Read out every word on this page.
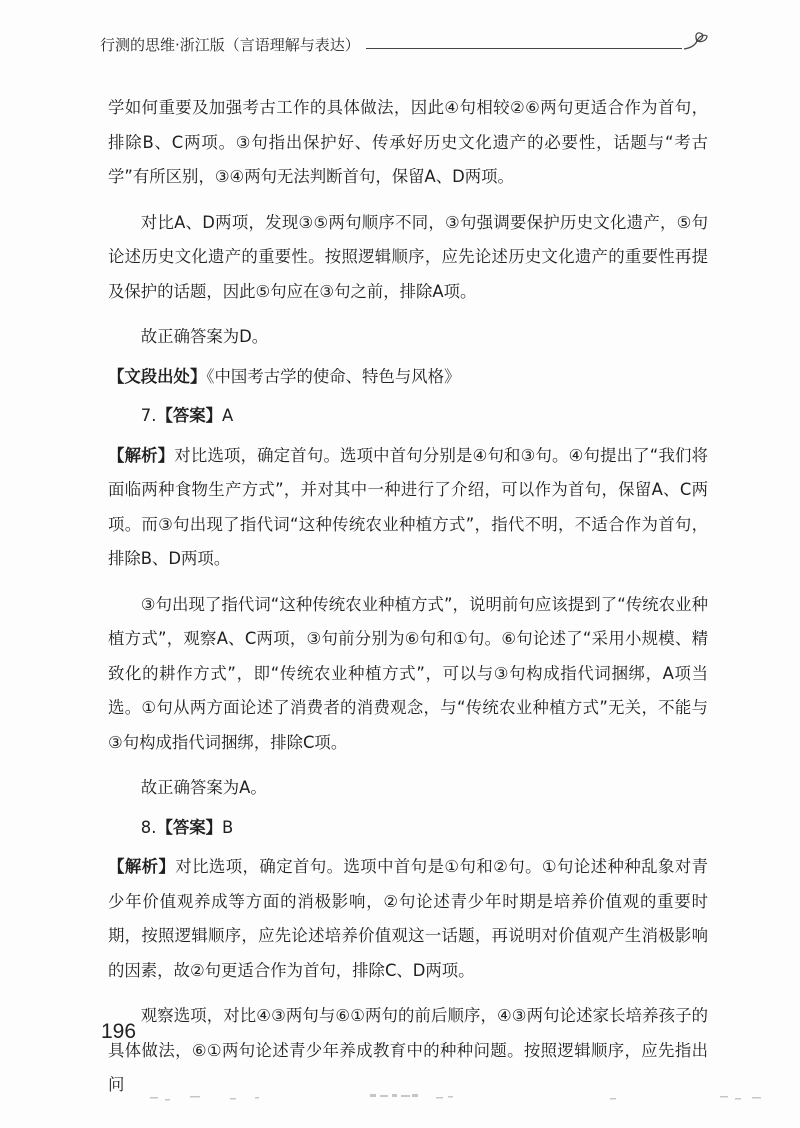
行测的思维·浙江版（言语理解与表达）

学如何重要及加强考古工作的具体做法，因此④句相较②⑥两句更适合作为首句，排除B、C两项。③句指出保护好、传承好历史文化遗产的必要性，话题与“考古学”有所区别，③④两句无法判断首句，保留A、D两项。

对比A、D两项，发现③⑤两句顺序不同，③句强调要保护历史文化遗产，⑤句论述历史文化遗产的重要性。按照逻辑顺序，应先论述历史文化遗产的重要性再提及保护的话题，因此⑤句应在③句之前，排除A项。

故正确答案为D。

【文段出处】《中国考古学的使命、特色与风格》

7.【答案】A

【解析】对比选项，确定首句。选项中首句分别是④句和③句。④句提出了“我们将面临两种食物生产方式”，并对其中一种进行了介绍，可以作为首句，保留A、C两项。而③句出现了指代词“这种传统农业种植方式”，指代不明，不适合作为首句，排除B、D两项。

③句出现了指代词“这种传统农业种植方式”，说明前句应该提到了“传统农业种植方式”，观察A、C两项，③句前分别为⑥句和①句。⑥句论述了“采用小规模、精致化的耕作方式”，即“传统农业种植方式”，可以与③句构成指代词捆绑，A项当选。①句从两方面论述了消费者的消费观念，与“传统农业种植方式”无关，不能与③句构成指代词捆绑，排除C项。

故正确答案为A。

8.【答案】B

【解析】对比选项，确定首句。选项中首句是①句和②句。①句论述种种乱象对青少年价值观养成等方面的消极影响，②句论述青少年时期是培养价值观的重要时期，按照逻辑顺序，应先论述培养价值观这一话题，再说明对价值观产生消极影响的因素，故②句更适合作为首句，排除C、D两项。

观察选项，对比④③两句与⑥①两句的前后顺序，④③两句论述家长培养孩子的具体做法，⑥①两句论述青少年养成教育中的种种问题。按照逻辑顺序，应先指出问

196
